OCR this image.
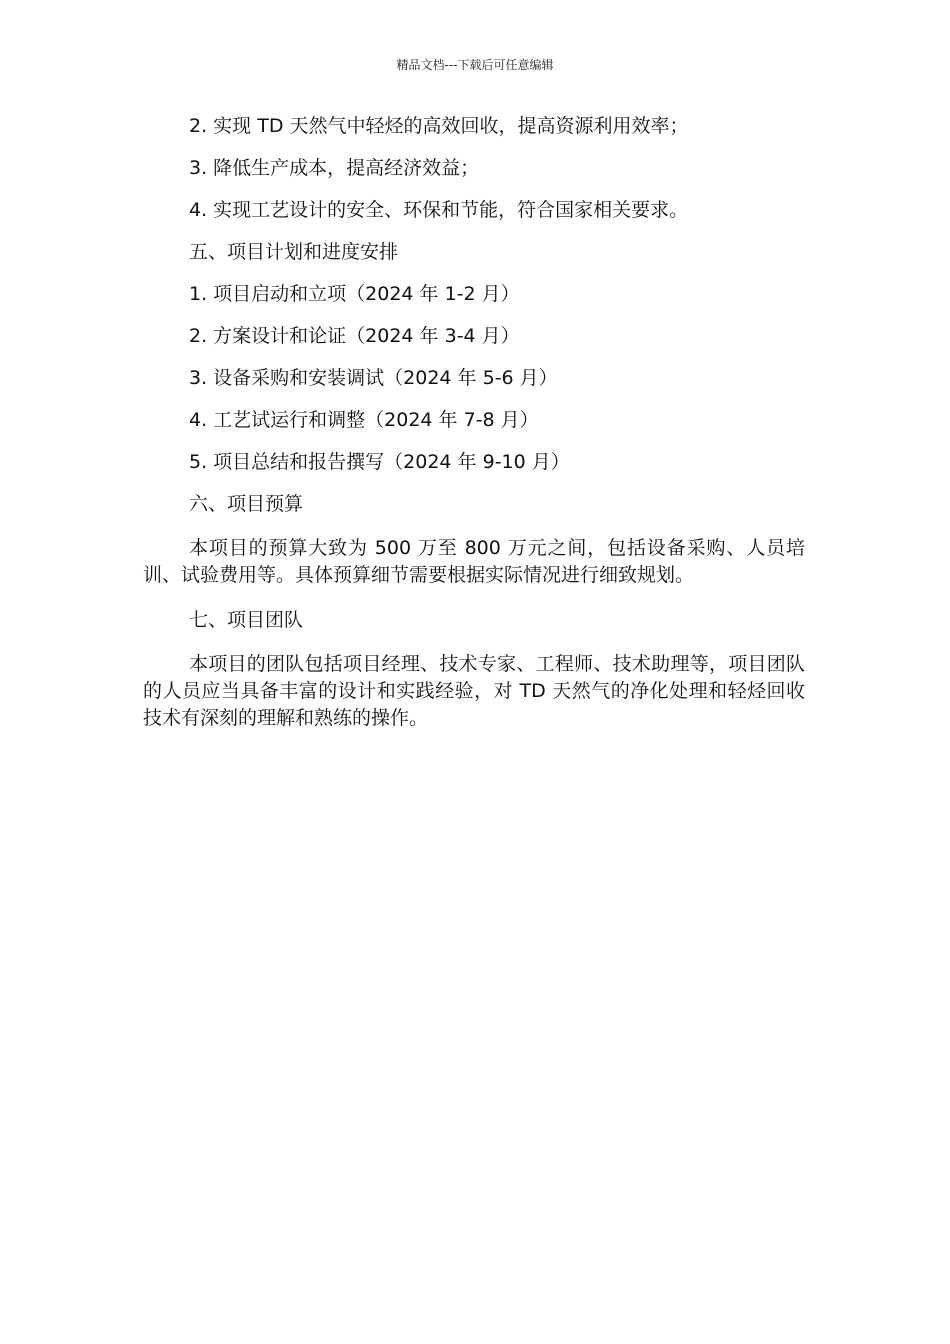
精品文档---下载后可任意编辑

2. 实现 TD 天然气中轻烃的高效回收，提高资源利用效率；

3. 降低生产成本，提高经济效益；

4. 实现工艺设计的安全、环保和节能，符合国家相关要求。

五、项目计划和进度安排

1. 项目启动和立项（2024 年 1-2 月）

2. 方案设计和论证（2024 年 3-4 月）

3. 设备采购和安装调试（2024 年 5-6 月）

4. 工艺试运行和调整（2024 年 7-8 月）

5. 项目总结和报告撰写（2024 年 9-10 月）

六、项目预算

本项目的预算大致为 500 万至 800 万元之间，包括设备采购、人员培训、试验费用等。具体预算细节需要根据实际情况进行细致规划。

七、项目团队

本项目的团队包括项目经理、技术专家、工程师、技术助理等，项目团队的人员应当具备丰富的设计和实践经验，对 TD 天然气的净化处理和轻烃回收技术有深刻的理解和熟练的操作。
